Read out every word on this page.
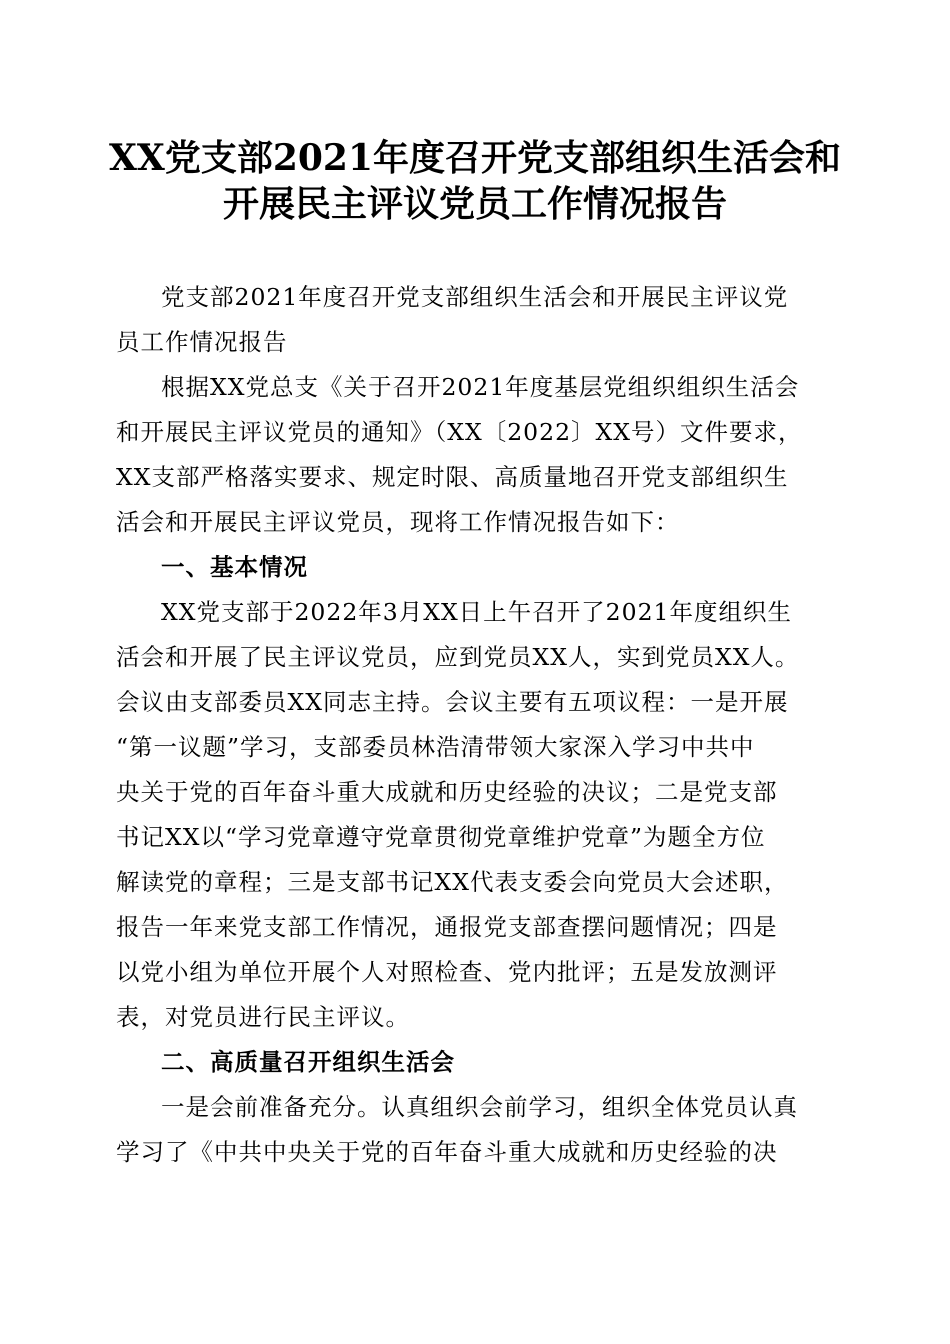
XX党支部2021年度召开党支部组织生活会和
开展民主评议党员工作情况报告
党支部2021年度召开党支部组织生活会和开展民主评议党
员工作情况报告
根据XX党总支《关于召开2021年度基层党组织组织生活会
和开展民主评议党员的通知》（XX〔2022〕XX号）文件要求，
XX支部严格落实要求、规定时限、高质量地召开党支部组织生
活会和开展民主评议党员，现将工作情况报告如下：
一、基本情况
XX党支部于2022年3月XX日上午召开了2021年度组织生
活会和开展了民主评议党员，应到党员XX人，实到党员XX人。
会议由支部委员XX同志主持。会议主要有五项议程：一是开展
“第一议题”学习，支部委员林浩清带领大家深入学习中共中
央关于党的百年奋斗重大成就和历史经验的决议；二是党支部
书记XX以“学习党章遵守党章贯彻党章维护党章”为题全方位
解读党的章程；三是支部书记XX代表支委会向党员大会述职，
报告一年来党支部工作情况，通报党支部查摆问题情况；四是
以党小组为单位开展个人对照检查、党内批评；五是发放测评
表，对党员进行民主评议。
二、高质量召开组织生活会
一是会前准备充分。认真组织会前学习，组织全体党员认真
学习了《中共中央关于党的百年奋斗重大成就和历史经验的决
